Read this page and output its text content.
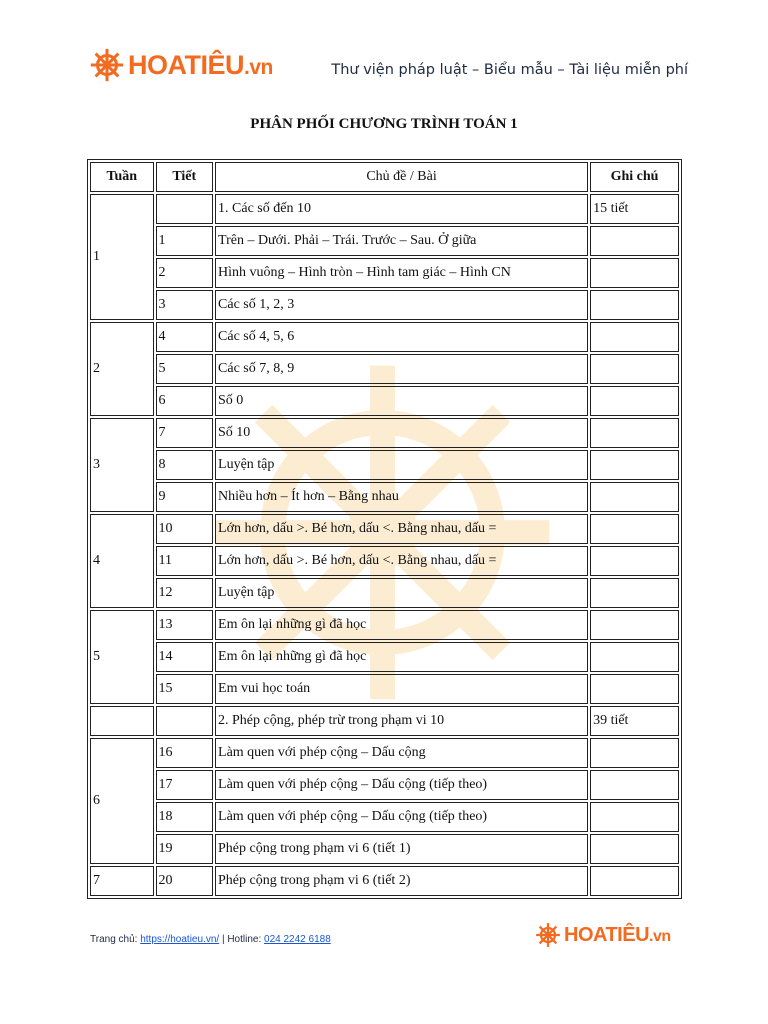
HOATIÊU.vn	Thư viện pháp luật – Biểu mẫu – Tài liệu miễn phí
PHÂN PHỐI CHƯƠNG TRÌNH TOÁN 1
Tuần	Tiết	Chủ đề / Bài	Ghi chú
1		1. Các số đến 10	15 tiết
	1	Trên – Dưới. Phải – Trái. Trước – Sau. Ở giữa	
	2	Hình vuông – Hình tròn – Hình tam giác – Hình CN	
	3	Các số 1, 2, 3	
2	4	Các số 4, 5, 6	
	5	Các số 7, 8, 9	
	6	Số 0	
3	7	Số 10	
	8	Luyện tập	
	9	Nhiều hơn – Ít hơn – Bằng nhau	
4	10	Lớn hơn, dấu >. Bé hơn, dấu <. Bằng nhau, dấu =	
	11	Lớn hơn, dấu >. Bé hơn, dấu <. Bằng nhau, dấu =	
	12	Luyện tập	
5	13	Em ôn lại những gì đã học	
	14	Em ôn lại những gì đã học	
	15	Em vui học toán	
		2. Phép cộng, phép trừ trong phạm vi 10	39 tiết
6	16	Làm quen với phép cộng – Dấu cộng	
	17	Làm quen với phép cộng – Dấu cộng (tiếp theo)	
	18	Làm quen với phép cộng – Dấu cộng (tiếp theo)	
	19	Phép cộng trong phạm vi 6 (tiết 1)	
7	20	Phép cộng trong phạm vi 6 (tiết 2)	
Trang chủ: https://hoatieu.vn/ | Hotline: 024 2242 6188	HOATIÊU.vn
